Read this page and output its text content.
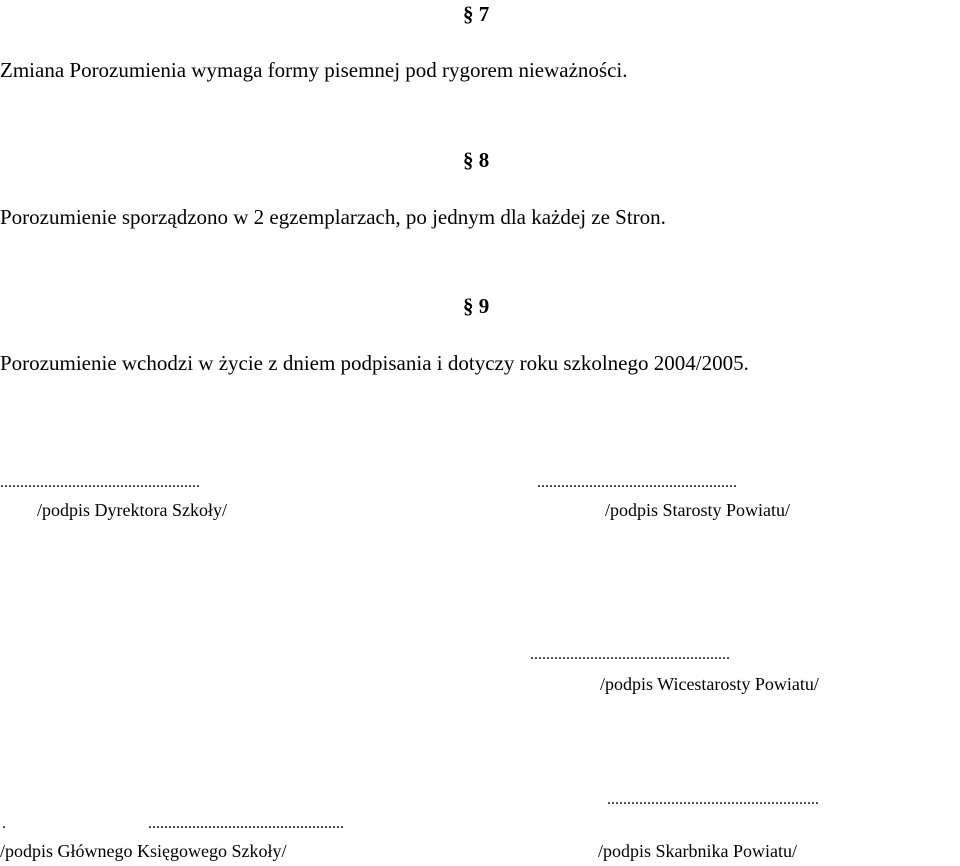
§ 7
Zmiana Porozumienia wymaga formy pisemnej pod rygorem nieważności.
§ 8
Porozumienie sporządzono w 2 egzemplarzach, po jednym dla każdej ze Stron.
§ 9
Porozumienie wchodzi w życie z dniem podpisania i dotyczy roku szkolnego 2004/2005.
..................................................
/podpis Dyrektora Szkoły/
..................................................
/podpis Starosty Powiatu/
..................................................
/podpis Wicestarosty Powiatu/
.....................................................
.	.................................................
/podpis Głównego Księgowego Szkoły/	/podpis Skarbnika Powiatu/
